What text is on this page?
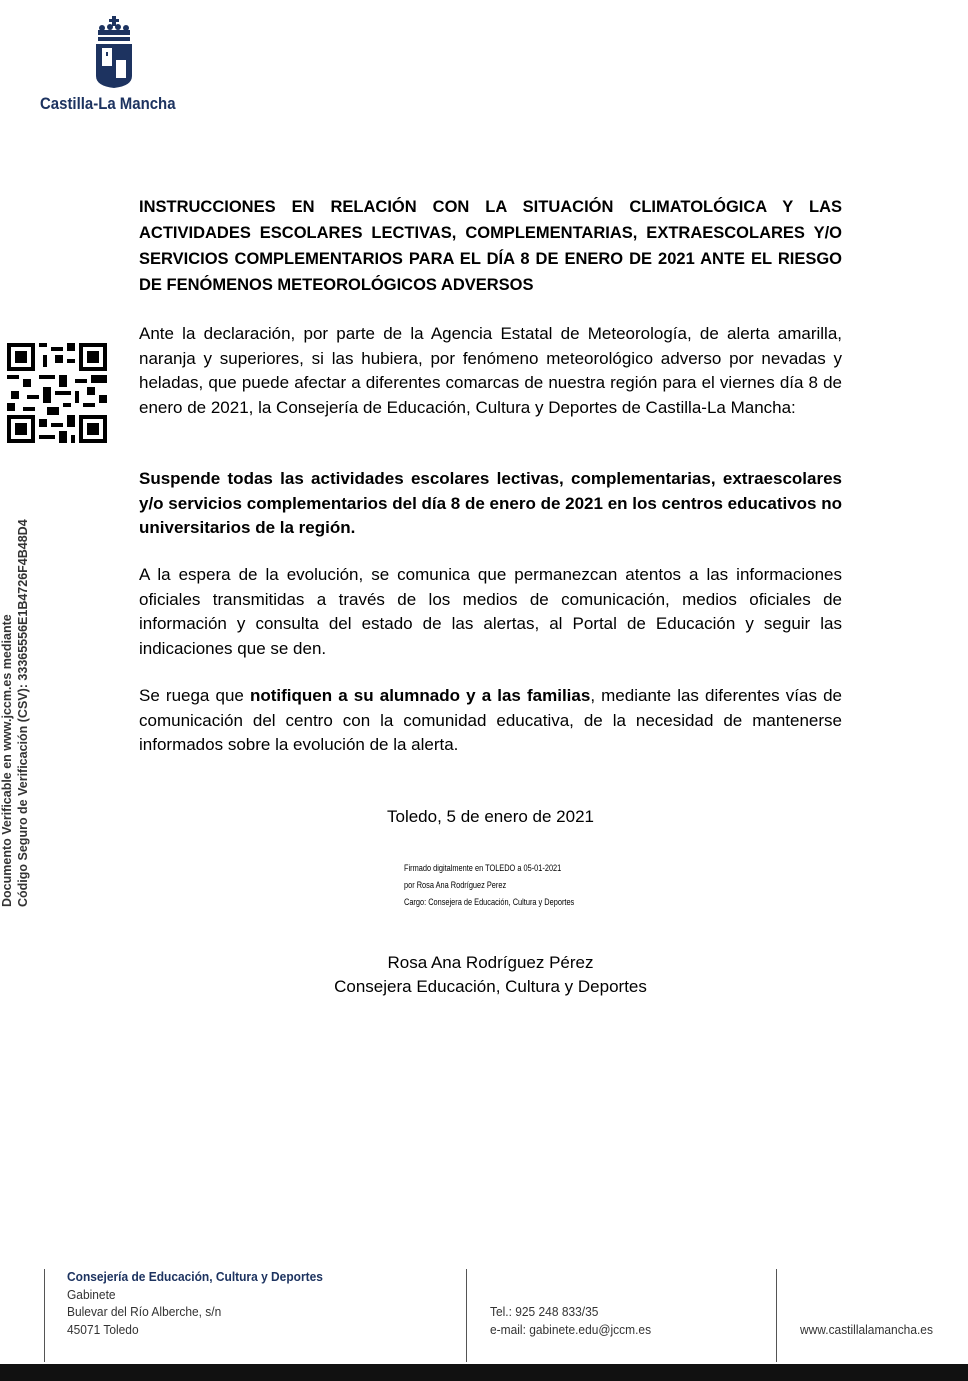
Castilla-La Mancha
Documento Verificable en www.jccm.es mediante Código Seguro de Verificación (CSV): 33365556E1B4726F4B48D4
INSTRUCCIONES EN RELACIÓN CON LA SITUACIÓN CLIMATOLÓGICA Y LAS ACTIVIDADES ESCOLARES LECTIVAS, COMPLEMENTARIAS, EXTRAESCOLARES Y/O SERVICIOS COMPLEMENTARIOS PARA EL DÍA 8 DE ENERO DE 2021 ANTE EL RIESGO DE FENÓMENOS METEOROLÓGICOS ADVERSOS
Ante la declaración, por parte de la Agencia Estatal de Meteorología, de alerta amarilla, naranja y superiores, si las hubiera, por fenómeno meteorológico adverso por nevadas y heladas, que puede afectar a diferentes comarcas de nuestra región para el viernes día 8 de enero de 2021, la Consejería de Educación, Cultura y Deportes de Castilla-La Mancha:
Suspende todas las actividades escolares lectivas, complementarias, extraescolares y/o servicios complementarios del día 8 de enero de 2021 en los centros educativos no universitarios de la región.
A la espera de la evolución, se comunica que permanezcan atentos a las informaciones oficiales transmitidas a través de los medios de comunicación, medios oficiales de información y consulta del estado de las alertas, al Portal de Educación y seguir las indicaciones que se den.
Se ruega que notifiquen a su alumnado y a las familias, mediante las diferentes vías de comunicación del centro con la comunidad educativa, de la necesidad de mantenerse informados sobre la evolución de la alerta.
Toledo, 5 de enero de 2021
Firmado digitalmente en TOLEDO a 05-01-2021
por Rosa Ana Rodríguez Perez
Cargo: Consejera de Educación, Cultura y Deportes
Rosa Ana Rodríguez Pérez
Consejera Educación, Cultura y Deportes
Consejería de Educación, Cultura y Deportes
Gabinete
Bulevar del Río Alberche, s/n
45071 Toledo
Tel.: 925 248 833/35
e-mail: gabinete.edu@jccm.es	www.castillalamancha.es
